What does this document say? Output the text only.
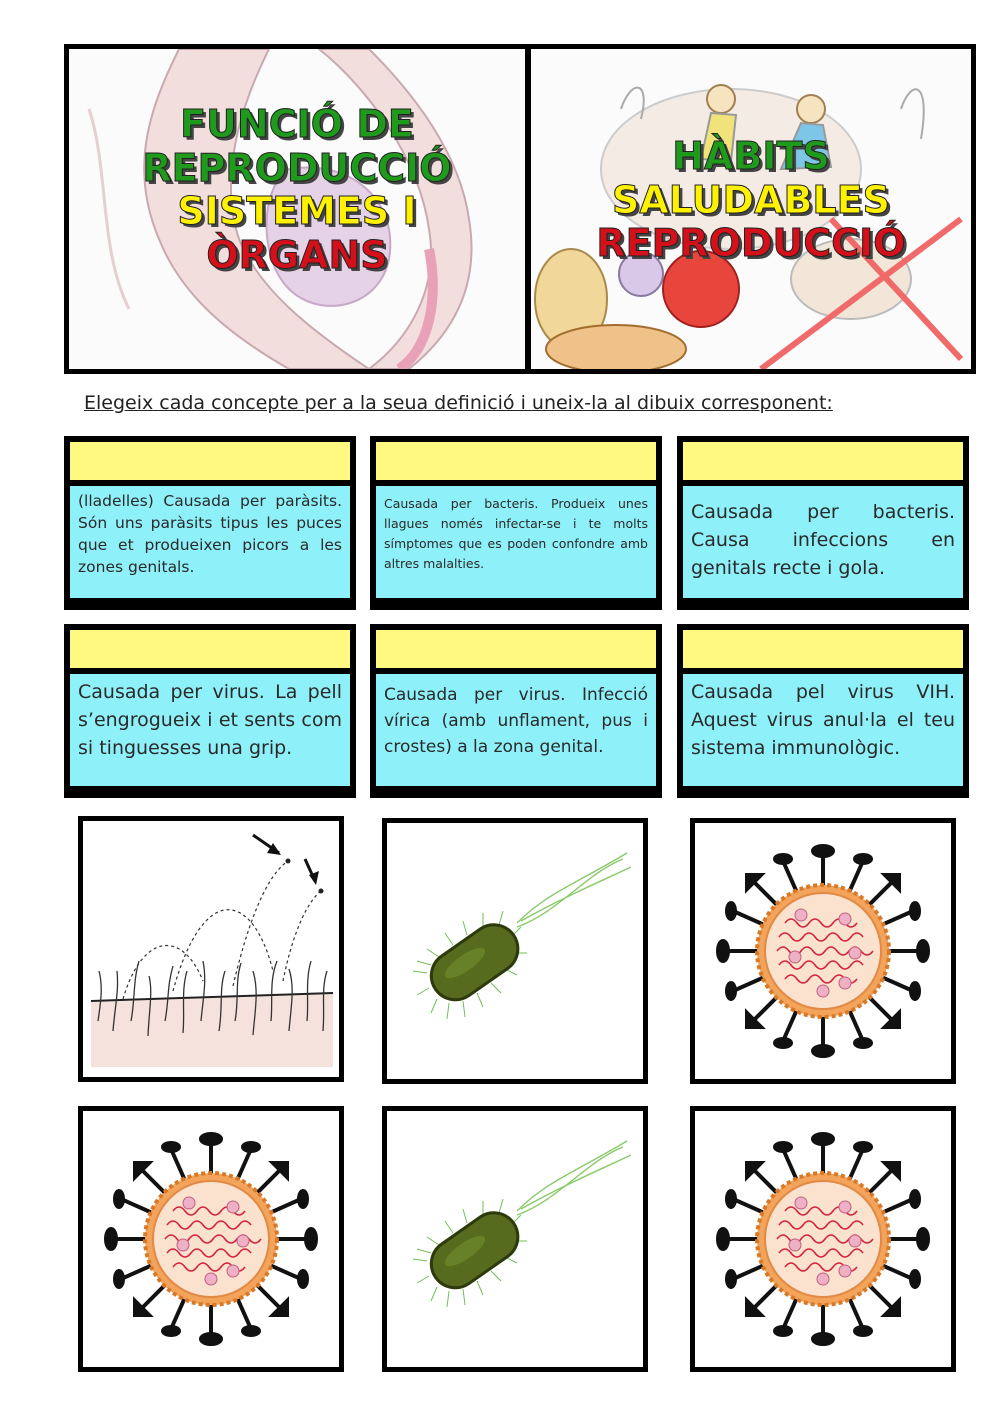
FUNCIÓ DE
REPRODUCCIÓ
SISTEMES I
ÒRGANS
HÀBITS
SALUDABLES
REPRODUCCIÓ
Elegeix cada concepte per a la seua definició i uneix-la al dibuix corresponent:
(lladelles) Causada per paràsits. Són uns paràsits tipus les puces que et produeixen picors a les zones genitals.
Causada per bacteris. Produeix unes llagues només infectar-se i te molts símptomes que es poden confondre amb altres malalties.
Causada per bacteris. Causa infeccions en genitals recte i gola.
Causada per virus. La pell s’engrogueix i et sents com si tinguesses una grip.
Causada per virus. Infecció vírica (amb unflament, pus i crostes) a la zona genital.
Causada pel virus VIH. Aquest virus anul·la el teu sistema immunològic.
